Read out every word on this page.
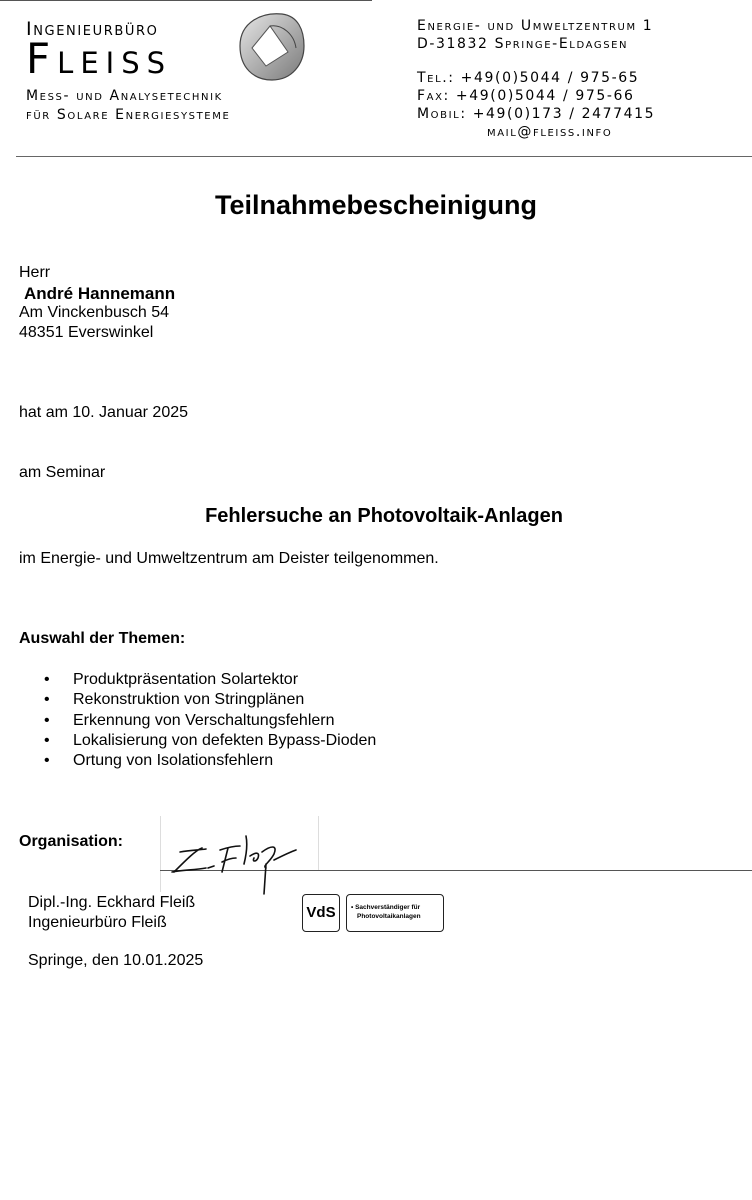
Ingenieurbüro
Fleiss
Mess- und Analysetechnik
für Solare Energiesysteme
Energie- und Umweltzentrum 1
D-31832 Springe-Eldagsen
Tel.: +49(0)5044 / 975-65
Fax: +49(0)5044 / 975-66
Mobil: +49(0)173 / 2477415
mail@fleiss.info
Teilnahmebescheinigung
Herr
André Hannemann
Am Vinckenbusch 54
48351 Everswinkel
hat am 10. Januar 2025
am Seminar
Fehlersuche an Photovoltaik-Anlagen
im Energie- und Umweltzentrum am Deister teilgenommen.
Auswahl der Themen:
• Produktpräsentation Solartektor
• Rekonstruktion von Stringplänen
• Erkennung von Verschaltungsfehlern
• Lokalisierung von defekten Bypass-Dioden
• Ortung von Isolationsfehlern
Organisation:
Dipl.-Ing. Eckhard Fleiß
Ingenieurbüro Fleiß
Springe, den 10.01.2025
VdS	• Sachverständiger für
Photovoltaikanlagen
